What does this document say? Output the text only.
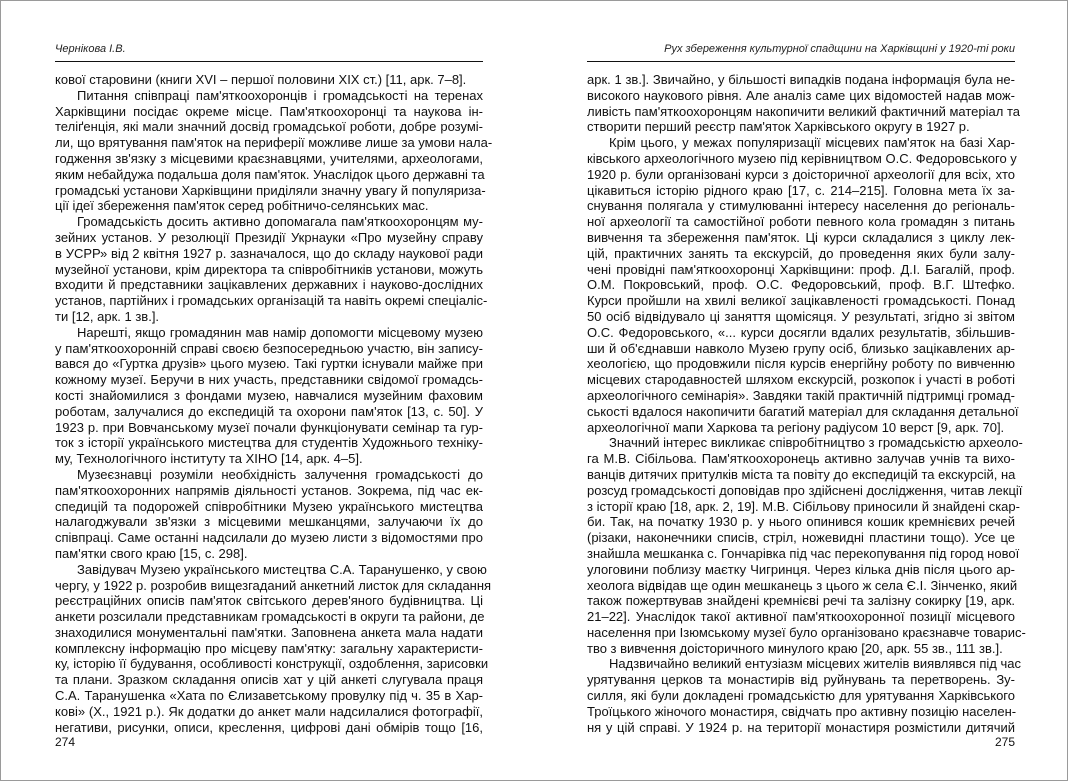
Чернікова І.В.
кової старовини (книги XVI – першої половини XIX ст.) [11, арк. 7–8].
Питання співпраці пам'яткоохоронців і громадськості на теренах
Харківщини посідає окреме місце. Пам'яткоохоронці та наукова ін-
теліґенція, які мали значний досвід громадської роботи, добре розумі-
ли, що врятування пам'яток на периферії можливе лише за умови нала-
годження зв'язку з місцевими краєзнавцями, учителями, археологами,
яким небайдужа подальша доля пам'яток. Унаслідок цього державні та
громадські установи Харківщини приділяли значну увагу й популяриза-
ції ідеї збереження пам'яток серед робітничо-селянських мас.
Громадськість досить активно допомагала пам'яткоохоронцям му-
зейних установ. У резолюції Президії Укрнауки «Про музейну справу
в УСРР» від 2 квітня 1927 р. зазначалося, що до складу наукової ради
музейної установи, крім директора та співробітників установи, можуть
входити й представники зацікавлених державних і науково-дослідних
установ, партійних і громадських організацій та навіть окремі спеціаліс-
ти [12, арк. 1 зв.].
Нарешті, якщо громадянин мав намір допомогти місцевому музею
у пам'яткоохоронній справі своєю безпосередньою участю, він запису-
вався до «Гуртка друзів» цього музею. Такі гуртки існували майже при
кожному музеї. Беручи в них участь, представники свідомої громадсь-
кості знайомилися з фондами музею, навчалися музейним фаховим
роботам, залучалися до експедицій та охорони пам'яток [13, с. 50]. У
1923 р. при Вовчанському музеї почали функціонувати семінар та гур-
ток з історії українського мистецтва для студентів Художнього техніку-
му, Технологічного інституту та ХІНО [14, арк. 4–5].
Музеєзнавці розуміли необхідність залучення громадськості до
пам'яткоохоронних напрямів діяльності установ. Зокрема, під час ек-
спедицій та подорожей співробітники Музею українського мистецтва
налагоджували зв'язки з місцевими мешканцями, залучаючи їх до
співпраці. Саме останні надсилали до музею листи з відомостями про
пам'ятки свого краю [15, с. 298].
Завідувач Музею українського мистецтва С.А. Таранушенко, у свою
чергу, у 1922 р. розробив вищезгаданий анкетний листок для складання
реєстраційних описів пам'яток світського дерев'яного будівництва. Ці
анкети розсилали представникам громадськості в округи та райони, де
знаходилися монументальні пам'ятки. Заповнена анкета мала надати
комплексну інформацію про місцеву пам'ятку: загальну характеристи-
ку, історію її будування, особливості конструкції, оздоблення, зарисовки
та плани. Зразком складання описів хат у цій анкеті слугувала праця
С.А. Таранушенка «Хата по Єлизаветському провулку під ч. 35 в Хар-
кові» (Х., 1921 р.). Як додатки до анкет мали надсилалися фотографії,
негативи, рисунки, описи, креслення, цифрові дані обмірів тощо [16,
274
Рух збереження культурної спадщини на Харківщині у 1920-ті роки
арк. 1 зв.]. Звичайно, у більшості випадків подана інформація була не-
високого наукового рівня. Але аналіз саме цих відомостей надав мож-
ливість пам'яткоохоронцям накопичити великий фактичний матеріал та
створити перший реєстр пам'яток Харківського округу в 1927 р.
Крім цього, у межах популяризації місцевих пам'яток на базі Хар-
ківського археологічного музею під керівництвом О.С. Федоровського у
1920 р. були організовані курси з доісторичної археології для всіх, хто
цікавиться історію рідного краю [17, с. 214–215]. Головна мета їх за-
снування полягала у стимулюванні інтересу населення до регіональ-
ної археології та самостійної роботи певного кола громадян з питань
вивчення та збереження пам'яток. Ці курси складалися з циклу лек-
цій, практичних занять та екскурсій, до проведення яких були залу-
чені провідні пам'яткоохоронці Харківщини: проф. Д.І. Багалій, проф.
О.М. Покровський, проф. О.С. Федоровський, проф. В.Г. Штефко.
Курси пройшли на хвилі великої зацікавленості громадськості. Понад
50 осіб відвідувало ці заняття щомісяця. У результаті, згідно зі звітом
О.С. Федоровського, «... курси досягли вдалих результатів, збільшив-
ши й об'єднавши навколо Музею групу осіб, близько зацікавлених ар-
хеологією, що продовжили після курсів енергійну роботу по вивченню
місцевих стародавностей шляхом екскурсій, розкопок і участі в роботі
археологічного семінарія». Завдяки такій практичній підтримці громад-
ськості вдалося накопичити багатий матеріал для складання детальної
археологічної мапи Харкова та регіону радіусом 10 верст [9, арк. 70].
Значний інтерес викликає співробітництво з громадськістю археоло-
га М.В. Сібільова. Пам'яткоохоронець активно залучав учнів та вихо-
ванців дитячих притулків міста та повіту до експедицій та екскурсій, на
розсуд громадськості доповідав про здійснені дослідження, читав лекції
з історії краю [18, арк. 2, 19]. М.В. Сібільову приносили й знайдені скар-
би. Так, на початку 1930 р. у нього опинився кошик кремнієвих речей
(різаки, наконечники списів, стріл, ножевидні пластини тощо). Усе це
знайшла мешканка с. Гончарівка під час перекопування під город нової
улоговини поблизу маєтку Чигринця. Через кілька днів після цього ар-
хеолога відвідав ще один мешканець з цього ж села Є.І. Зінченко, який
також пожертвував знайдені кремнієві речі та залізну сокирку [19, арк.
21–22]. Унаслідок такої активної пам'яткоохоронної позиції місцевого
населення при Ізюмському музеї було організовано краєзнавче товарис-
тво з вивчення доісторичного минулого краю [20, арк. 55 зв., 111 зв.].
Надзвичайно великий ентузіазм місцевих жителів виявлявся під час
урятування церков та монастирів від руйнувань та перетворень. Зу-
силля, які були докладені громадськістю для урятування Харківського
Троїцького жіночого монастиря, свідчать про активну позицію населен-
ня у цій справі. У 1924 р. на території монастиря розмістили дитячий
275
